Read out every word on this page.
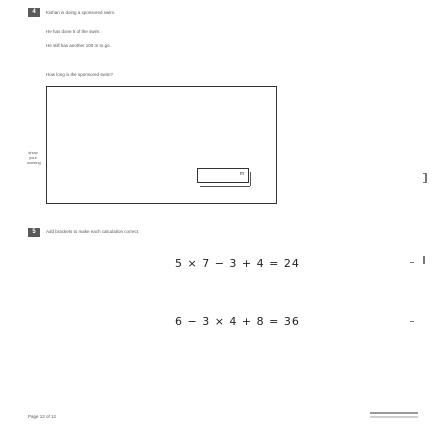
4	Kishan is doing a sponsored swim.
He has done 5 of the swim.
He still has another 100 m to go.
How long is the sponsored swim?
show
your
working
m
5	Add brackets to make each calculation correct.
5 × 7 − 3 + 4 = 24
6 − 3 × 4 + 8 = 36
Page 12 of 12
